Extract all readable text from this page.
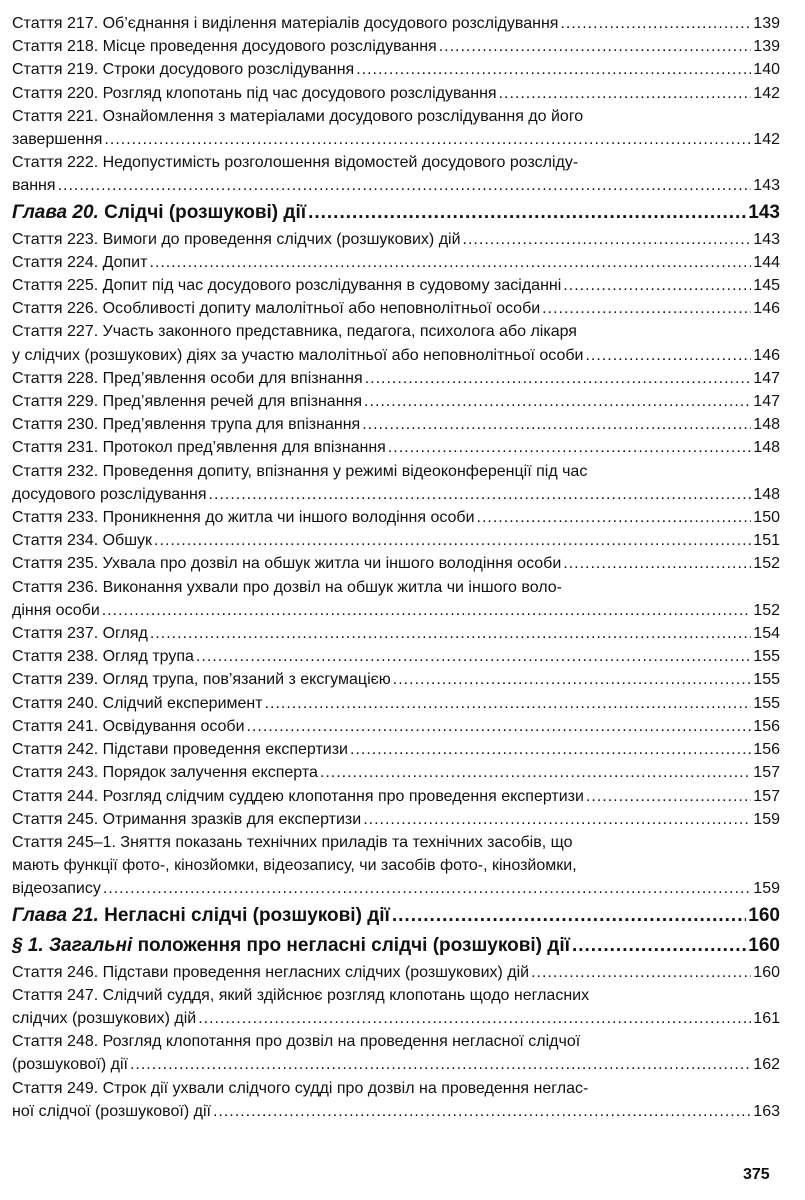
Стаття 217. Об’єднання і виділення матеріалів досудового розслідування .....	139
Стаття 218. Місце проведення досудового розслідування .....	139
Стаття 219. Строки досудового розслідування .....	140
Стаття 220. Розгляд клопотань під час досудового розслідування .....	142
Стаття 221. Ознайомлення з матеріалами досудового розслідування до його
завершення .....	142
Стаття 222. Недопустимість розголошення відомостей досудового розсліду-
вання .....	143
Глава 20. Слідчі (розшукові) дії .....	143
Стаття 223. Вимоги до проведення слідчих (розшукових) дій .....	143
Стаття 224. Допит .....	144
Стаття 225. Допит під час досудового розслідування в судовому засіданні .....	145
Стаття 226. Особливості допиту малолітньої або неповнолітньої особи .....	146
Стаття 227. Участь законного представника, педагога, психолога або лікаря
у слідчих (розшукових) діях за участю малолітньої або неповнолітньої особи .....	146
Стаття 228. Пред’явлення особи для впізнання .....	147
Стаття 229. Пред’явлення речей для впізнання .....	147
Стаття 230. Пред’явлення трупа для впізнання .....	148
Стаття 231. Протокол пред’явлення для впізнання .....	148
Стаття 232. Проведення допиту, впізнання у режимі відеоконференції під час
досудового розслідування .....	148
Стаття 233. Проникнення до житла чи іншого володіння особи .....	150
Стаття 234. Обшук .....	151
Стаття 235. Ухвала про дозвіл на обшук житла чи іншого володіння особи .....	152
Стаття 236. Виконання ухвали про дозвіл на обшук житла чи іншого воло-
діння особи .....	152
Стаття 237. Огляд .....	154
Стаття 238. Огляд трупа .....	155
Стаття 239. Огляд трупа, пов’язаний з ексгумацією .....	155
Стаття 240. Слідчий експеримент .....	155
Стаття 241. Освідування особи .....	156
Стаття 242. Підстави проведення експертизи .....	156
Стаття 243. Порядок залучення експерта .....	157
Стаття 244. Розгляд слідчим суддею клопотання про проведення експертизи .....	157
Стаття 245. Отримання зразків для експертизи .....	159
Стаття 245–1. Зняття показань технічних приладів та технічних засобів, що
мають функції фото-, кінозйомки, відеозапису, чи засобів фото-, кінозйомки,
відеозапису .....	159
Глава 21. Негласні слідчі (розшукові) дії .....	160
§ 1. Загальні положення про негласні слідчі (розшукові) дії .....	160
Стаття 246. Підстави проведення негласних слідчих (розшукових) дій .....	160
Стаття 247. Слідчий суддя, який здійснює розгляд клопотань щодо негласних
слідчих (розшукових) дій .....	161
Стаття 248. Розгляд клопотання про дозвіл на проведення негласної слідчої
(розшукової) дії .....	162
Стаття 249. Строк дії ухвали слідчого судді про дозвіл на проведення неглас-
ної слідчої (розшукової) дії .....	163
375
